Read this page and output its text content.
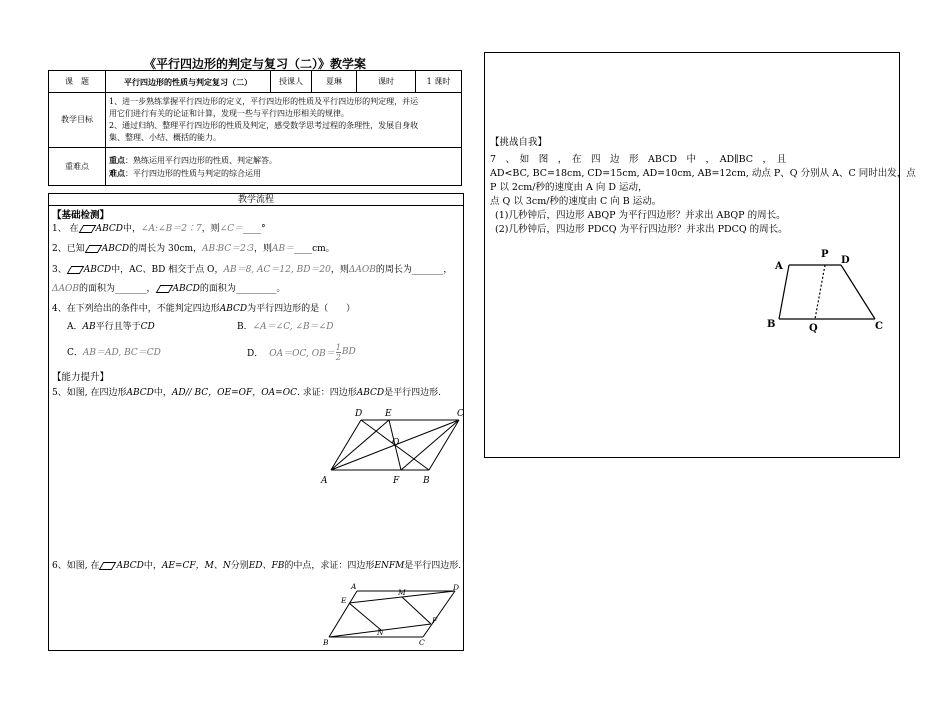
《平行四边形的判定与复习（二）》教学案
课　题	平行四边形的性质与判定复习（二）	授课人	夏琳	课时	1 课时
教学目标	1、进一步熟练掌握平行四边形的定义，平行四边形的性质及平行四边形的判定理，并运
用它们进行有关的论证和计算，发现一些与平行四边形相关的规律。
2、通过归纳、整理平行四边形的性质及判定，感受数学思考过程的条理性，发展自身收
集、整理、小结、概括的能力。				

重难点	重点：熟练运用平行四边形的性质、判定解答。
难点：平行四边形的性质与判定的综合运用				
教学流程
【基础检测】
1、 在 ABCD中，∠A:∠B＝2∶7，则∠C＝____°
2、已知 ABCD的周长为 30cm，AB∶BC＝2∶3，则AB＝____cm。
3、 ABCD中，AC、BD 相交于点 O，AB＝8, AC＝12, BD＝20，则ΔAOB的周长为_______，
ΔAOB的面积为_______， ABCD的面积为_________。
4、在下列给出的条件中，不能判定四边形ABCD为平行四边形的是（　　）
A．AB平行且等于CD	B．∠A＝∠C, ∠B＝∠D
C．AB＝AD, BC＝CD	D． OA＝OC, $OB= \frac{1}{2}$ BD
【能力提升】
5、如图, 在四边形ABCD中，AD// BC，OE=OF，OA=OC. 求证：四边形ABCD是平行四边形.
D	E	C
O
A	F	B
6、如图, 在 ABCD中，AE=CF，M、N分别ED、FB的中点，求证：四边形ENFM是平行四边形.
A	D
E
M
F
N
B	C
【挑战自我】
7　、　如　图　，　在　四　边　形　ABCD　中　，　AD∥BC　，　且
AD<BC, BC=18cm, CD=15cm, AD=10cm, AB=12cm, 动点 P、Q 分别从 A、C 同时出发，点
P 以 2cm/秒的速度由 A 向 D 运动，
点 Q 以 3cm/秒的速度由 C 向 B 运动。
(1)几秒钟后，四边形 ABQP 为平行四边形？并求出 ABQP 的周长。
(2)几秒钟后，四边形 PDCQ 为平行四边形？并求出 PDCQ 的周长。
A
P
D
B	Q	C
